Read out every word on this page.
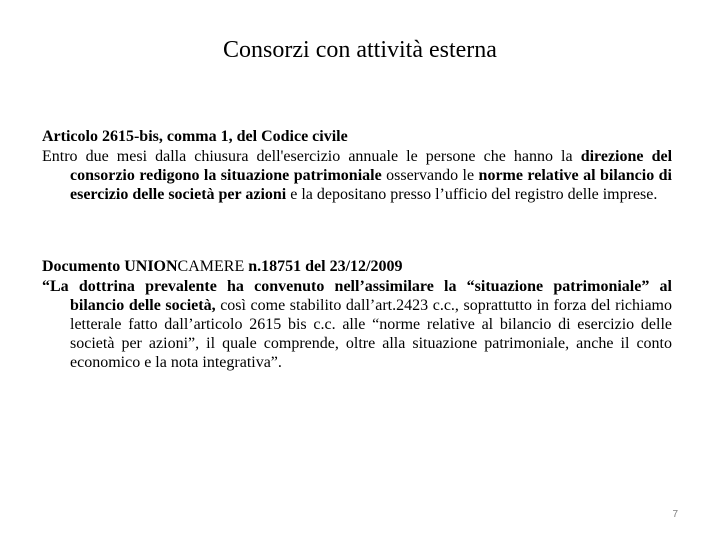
Consorzi con attività esterna

Articolo 2615-bis, comma 1, del Codice civile

Entro due mesi dalla chiusura dell'esercizio annuale le persone che hanno la direzione del consorzio redigono la situazione patrimoniale osservando le norme relative al bilancio di esercizio delle società per azioni e la depositano presso l’ufficio del registro delle imprese.

Documento UNIONCAMERE n.18751 del 23/12/2009

“La dottrina prevalente ha convenuto nell’assimilare la “situazione patrimoniale” al bilancio delle società, così come stabilito dall’art.2423 c.c., soprattutto in forza del richiamo letterale fatto dall’articolo 2615 bis c.c. alle “norme relative al bilancio di esercizio delle società per azioni”, il quale comprende, oltre alla situazione patrimoniale, anche il conto economico e la nota integrativa”.

7
